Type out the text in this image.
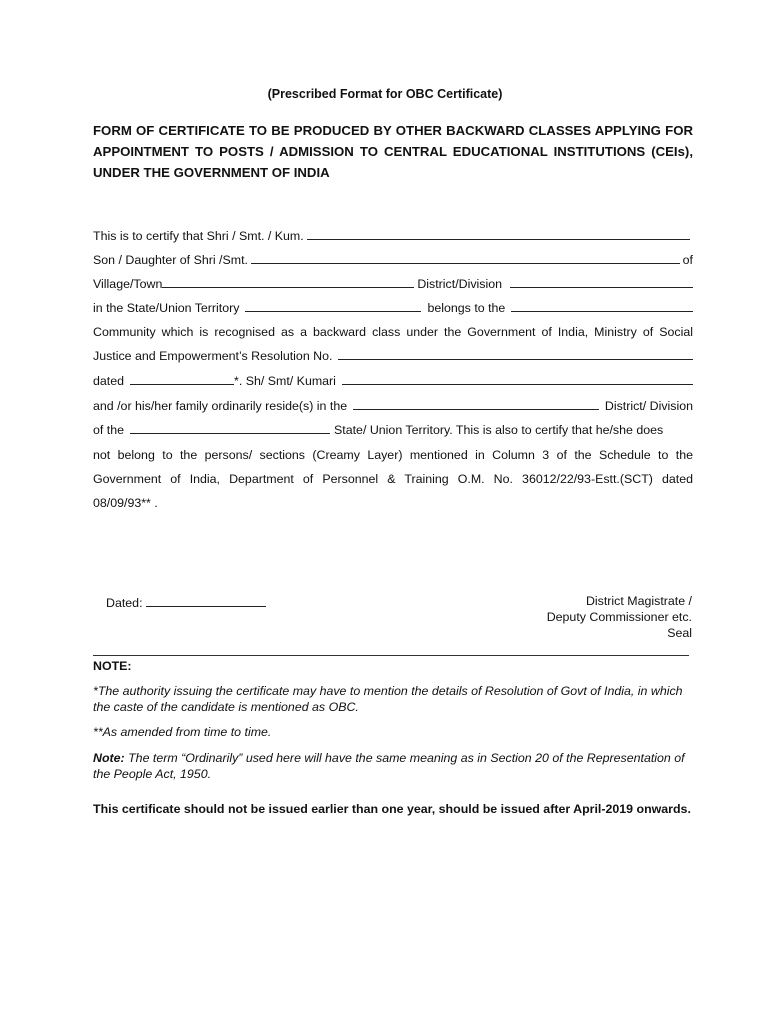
(Prescribed Format for OBC Certificate)
FORM OF CERTIFICATE TO BE PRODUCED BY OTHER BACKWARD CLASSES APPLYING FOR APPOINTMENT TO POSTS / ADMISSION TO CENTRAL EDUCATIONAL INSTITUTIONS (CEIs), UNDER THE GOVERNMENT OF INDIA
This is to certify that Shri / Smt. / Kum.
Son / Daughter of Shri /Smt.	of
Village/Town	District/Division
in the State/Union Territory	belongs to the
Community which is recognised as a backward class under the Government of India, Ministry of Social
Justice and Empowerment’s Resolution No.
dated	*. Sh/ Smt/ Kumari
and /or his/her family ordinarily reside(s) in the	District/ Division
of the	State/ Union Territory. This is also to certify that he/she does
not belong to the persons/ sections (Creamy Layer) mentioned in Column 3 of the Schedule to the
Government of India, Department of Personnel & Training O.M. No. 36012/22/93-Estt.(SCT) dated
08/09/93** .
Dated:	District Magistrate /
Deputy Commissioner etc.
Seal
NOTE:
*The authority issuing the certificate may have to mention the details of Resolution of Govt of India, in which the caste of the candidate is mentioned as OBC.
**As amended from time to time.
Note: The term “Ordinarily” used here will have the same meaning as in Section 20 of the Representation of the People Act, 1950.
This certificate should not be issued earlier than one year, should be issued after April-2019 onwards.
